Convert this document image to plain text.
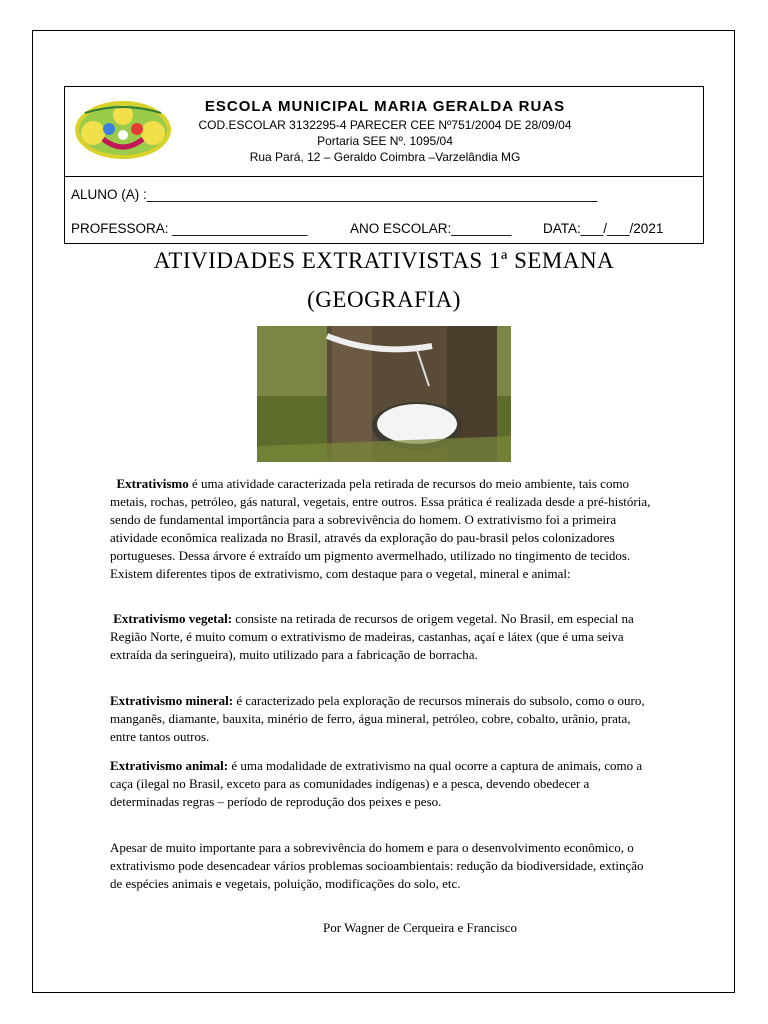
ESCOLA MUNICIPAL MARIA GERALDA RUAS
COD.ESCOLAR 3132295-4 PARECER CEE Nº751/2004 DE 28/09/04
Portaria SEE Nº. 1095/04
Rua Pará, 12 – Geraldo Coimbra –Varzelândia MG
ALUNO (A) :____________________________________________________________
PROFESSORA: __________________	ANO ESCOLAR:________ DATA:___/___/2021
ATIVIDADES EXTRATIVISTAS 1ª SEMANA
(GEOGRAFIA)

Extrativismo é uma atividade caracterizada pela retirada de recursos do meio ambiente, tais como metais, rochas, petróleo, gás natural, vegetais, entre outros. Essa prática é realizada desde a pré-história, sendo de fundamental importância para a sobrevivência do homem. O extrativismo foi a primeira atividade econômica realizada no Brasil, através da exploração do pau-brasil pelos colonizadores portugueses. Dessa árvore é extraído um pigmento avermelhado, utilizado no tingimento de tecidos. Existem diferentes tipos de extrativismo, com destaque para o vegetal, mineral e animal:

Extrativismo vegetal: consiste na retirada de recursos de origem vegetal. No Brasil, em especial na Região Norte, é muito comum o extrativismo de madeiras, castanhas, açaí e látex (que é uma seiva extraída da seringueira), muito utilizado para a fabricação de borracha.

Extrativismo mineral: é caracterizado pela exploração de recursos minerais do subsolo, como o ouro, manganês, diamante, bauxita, minério de ferro, água mineral, petróleo, cobre, cobalto, urânio, prata, entre tantos outros.

Extrativismo animal: é uma modalidade de extrativismo na qual ocorre a captura de animais, como a caça (ilegal no Brasil, exceto para as comunidades indígenas) e a pesca, devendo obedecer a determinadas regras – período de reprodução dos peixes e peso.

Apesar de muito importante para a sobrevivência do homem e para o desenvolvimento econômico, o extrativismo pode desencadear vários problemas socioambientais: redução da biodiversidade, extinção de espécies animais e vegetais, poluição, modificações do solo, etc.

Por Wagner de Cerqueira e Francisco
